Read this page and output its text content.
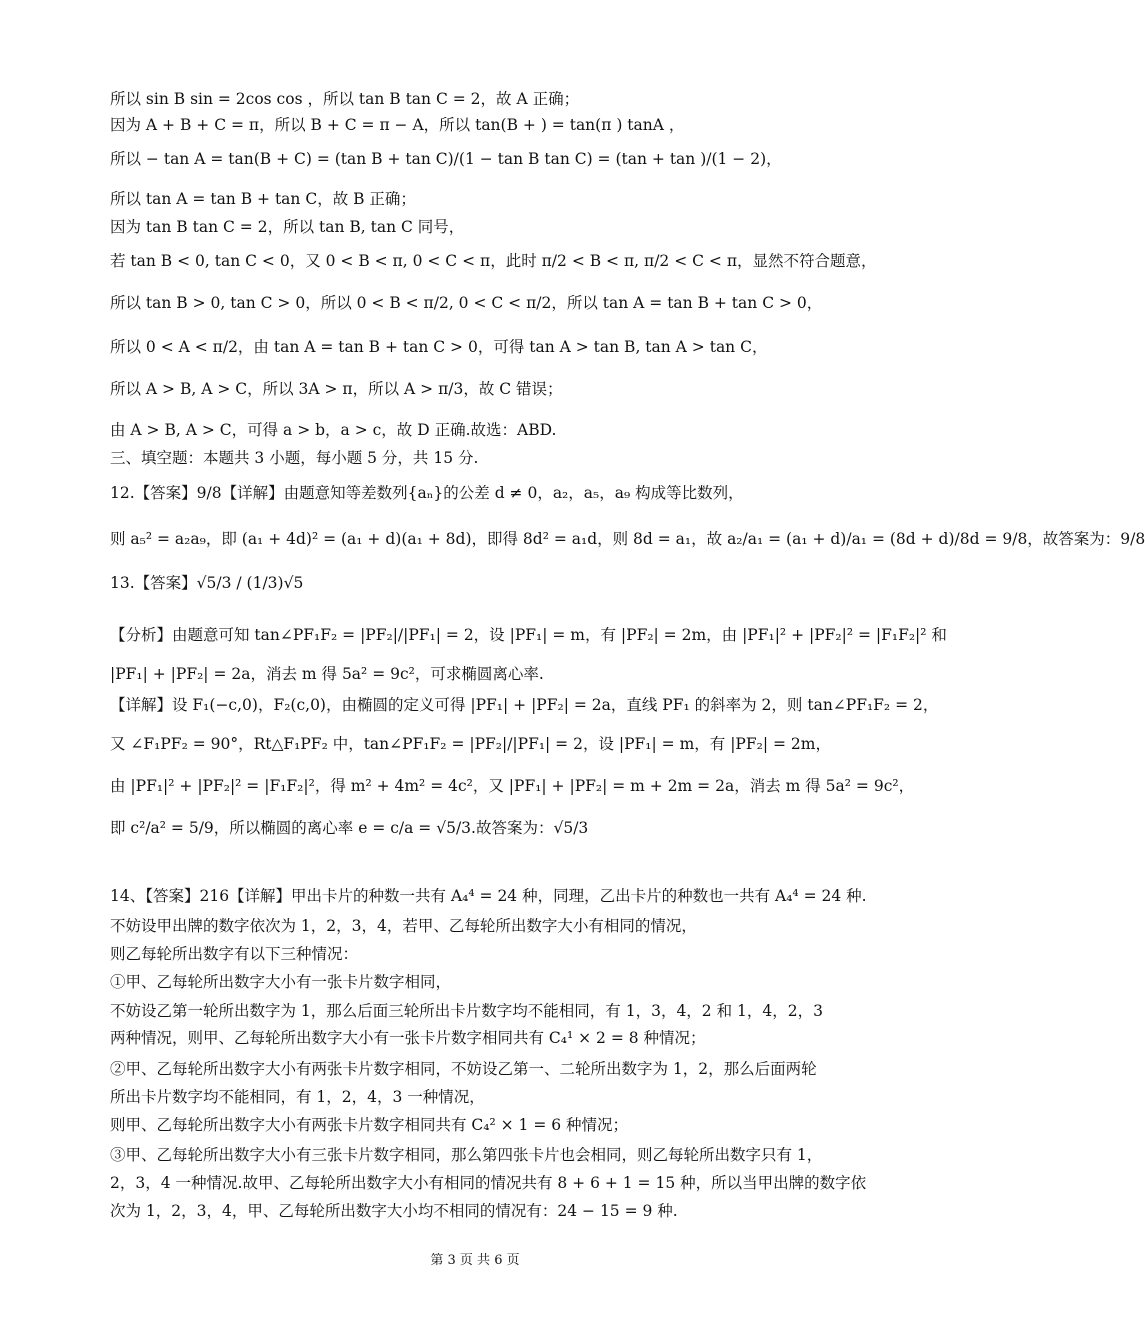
所以 sin B sin = 2cos cos ，所以 tan B tan C = 2，故 A 正确；
因为 A + B + C = π，所以 B + C = π − A，所以 tan(B + ) = tan(π ) tanA ，
所以 − tan A = tan(B + C) = (tan B + tan C)/(1 − tan B tan C) = (tan + tan )/(1 − 2)，
所以 tan A = tan B + tan C，故 B 正确；
因为 tan B tan C = 2，所以 tan B, tan C 同号，
若 tan B < 0, tan C < 0，又 0 < B < π, 0 < C < π，此时 π/2 < B < π, π/2 < C < π，显然不符合题意，
所以 tan B > 0, tan C > 0，所以 0 < B < π/2, 0 < C < π/2，所以 tan A = tan B + tan C > 0，
所以 0 < A < π/2，由 tan A = tan B + tan C > 0，可得 tan A > tan B, tan A > tan C，
所以 A > B, A > C，所以 3A > π，所以 A > π/3，故 C 错误；
由 A > B, A > C，可得 a > b，a > c，故 D 正确.故选：ABD.
三、填空题：本题共 3 小题，每小题 5 分，共 15 分.
12.【答案】9/8【详解】由题意知等差数列{aₙ}的公差 d ≠ 0，a₂，a₅，a₉ 构成等比数列，
则 a₅² = a₂a₉，即 (a₁ + 4d)² = (a₁ + d)(a₁ + 8d)，即得 8d² = a₁d，则 8d = a₁，故 a₂/a₁ = (a₁ + d)/a₁ = (8d + d)/8d = 9/8，故答案为：9/8
13.【答案】√5/3 / (1/3)√5
【分析】由题意可知 tan∠PF₁F₂ = |PF₂|/|PF₁| = 2，设 |PF₁| = m，有 |PF₂| = 2m，由 |PF₁|² + |PF₂|² = |F₁F₂|² 和
|PF₁| + |PF₂| = 2a，消去 m 得 5a² = 9c²，可求椭圆离心率.
【详解】设 F₁(−c,0)，F₂(c,0)，由椭圆的定义可得 |PF₁| + |PF₂| = 2a，直线 PF₁ 的斜率为 2，则 tan∠PF₁F₂ = 2，
又 ∠F₁PF₂ = 90°，Rt△F₁PF₂ 中，tan∠PF₁F₂ = |PF₂|/|PF₁| = 2，设 |PF₁| = m，有 |PF₂| = 2m，
由 |PF₁|² + |PF₂|² = |F₁F₂|²，得 m² + 4m² = 4c²，又 |PF₁| + |PF₂| = m + 2m = 2a，消去 m 得 5a² = 9c²，
即 c²/a² = 5/9，所以椭圆的离心率 e = c/a = √5/3.故答案为：√5/3
14、【答案】216【详解】甲出卡片的种数一共有 A₄⁴ = 24 种，同理，乙出卡片的种数也一共有 A₄⁴ = 24 种.
不妨设甲出牌的数字依次为 1，2，3，4，若甲、乙每轮所出数字大小有相同的情况，
则乙每轮所出数字有以下三种情况：
①甲、乙每轮所出数字大小有一张卡片数字相同，
不妨设乙第一轮所出数字为 1，那么后面三轮所出卡片数字均不能相同，有 1，3，4，2 和 1，4，2，3
两种情况，则甲、乙每轮所出数字大小有一张卡片数字相同共有 C₄¹ × 2 = 8 种情况；
②甲、乙每轮所出数字大小有两张卡片数字相同，不妨设乙第一、二轮所出数字为 1，2，那么后面两轮
所出卡片数字均不能相同，有 1，2，4，3 一种情况，
则甲、乙每轮所出数字大小有两张卡片数字相同共有 C₄² × 1 = 6 种情况；
③甲、乙每轮所出数字大小有三张卡片数字相同，那么第四张卡片也会相同，则乙每轮所出数字只有 1，
2，3，4 一种情况.故甲、乙每轮所出数字大小有相同的情况共有 8 + 6 + 1 = 15 种，所以当甲出牌的数字依
次为 1，2，3，4，甲、乙每轮所出数字大小均不相同的情况有：24 − 15 = 9 种.
第 3 页 共 6 页
